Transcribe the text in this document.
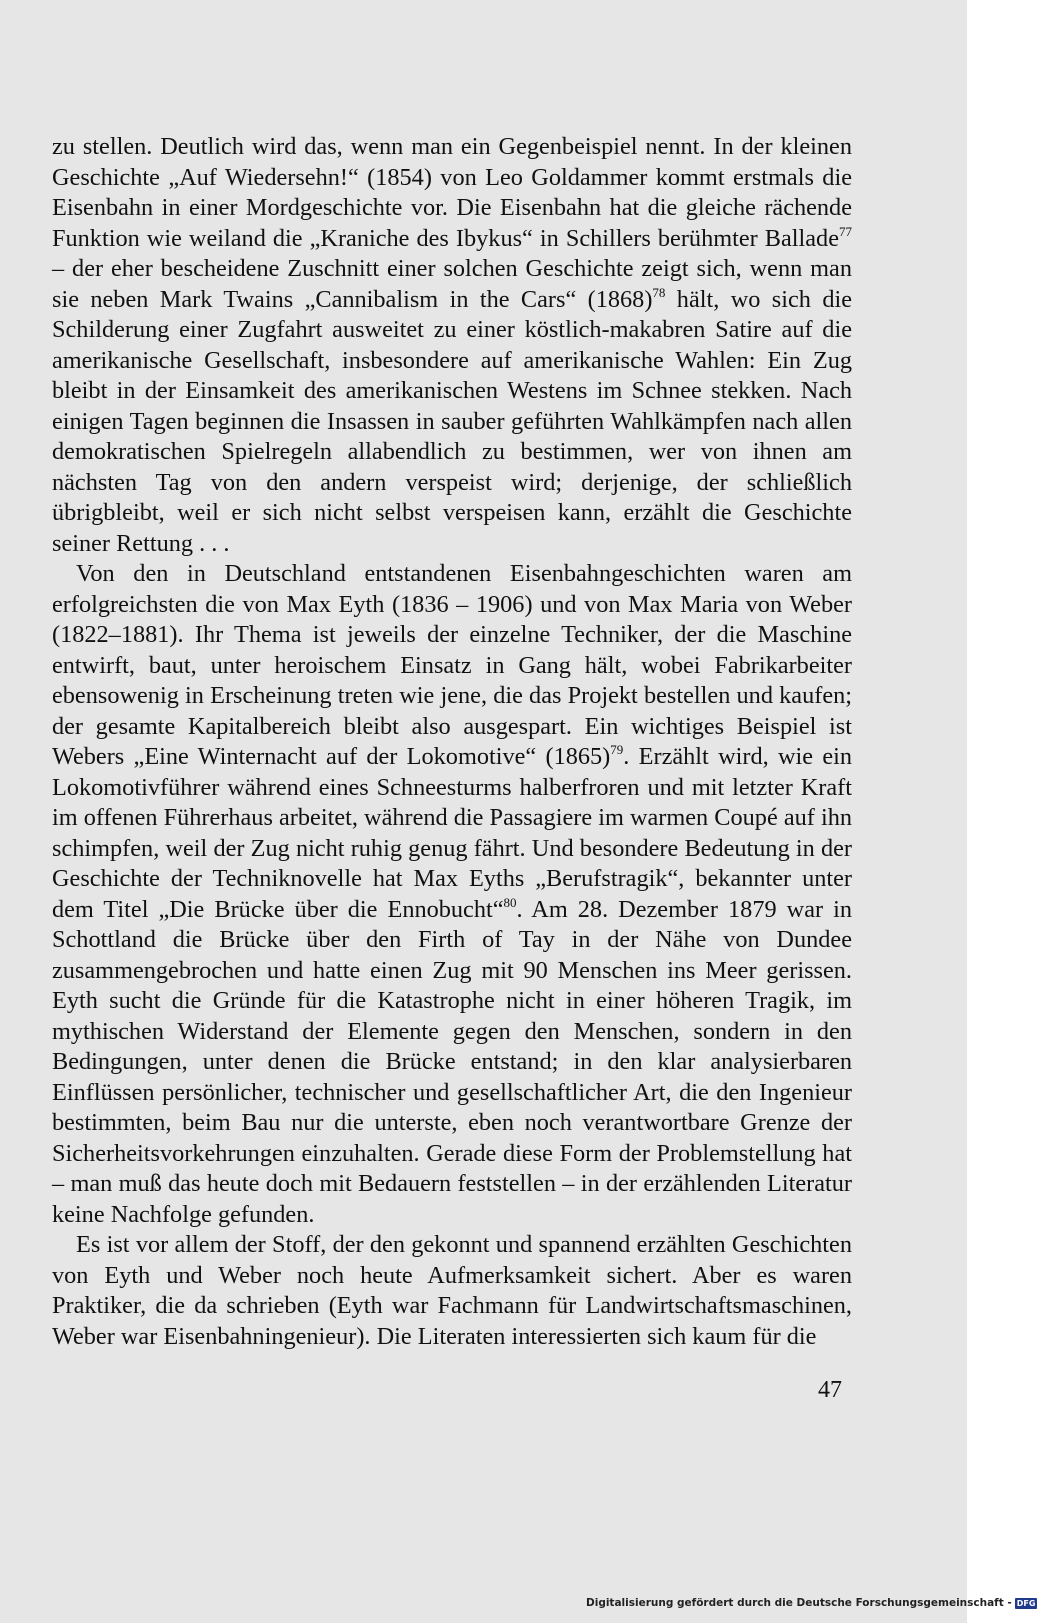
zu stellen. Deutlich wird das, wenn man ein Gegenbeispiel nennt. In der kleinen Geschichte „Auf Wiedersehn!“ (1854) von Leo Goldammer kommt erstmals die Eisenbahn in einer Mordgeschichte vor. Die Eisenbahn hat die gleiche rächende Funktion wie weiland die „Kraniche des Ibykus“ in Schillers berühmter Ballade$^{77}$ – der eher bescheidene Zuschnitt einer solchen Geschichte zeigt sich, wenn man sie neben Mark Twains „Cannibalism in the Cars“ $(1868)^{78}$ hält, wo sich die Schilderung einer Zugfahrt ausweitet zu einer köstlich-makabren Satire auf die amerikanische Gesellschaft, insbesondere auf amerikanische Wahlen: Ein Zug bleibt in der Einsamkeit des amerikanischen Westens im Schnee stekken. Nach einigen Tagen beginnen die Insassen in sauber geführten Wahlkämpfen nach allen demokratischen Spielregeln allabendlich zu bestimmen, wer von ihnen am nächsten Tag von den andern verspeist wird; derjenige, der schließlich übrigbleibt, weil er sich nicht selbst verspeisen kann, erzählt die Geschichte seiner Rettung . . .

Von den in Deutschland entstandenen Eisenbahngeschichten waren am erfolgreichsten die von Max Eyth (1836 – 1906) und von Max Maria von Weber (1822–1881). Ihr Thema ist jeweils der einzelne Techniker, der die Maschine entwirft, baut, unter heroischem Einsatz in Gang hält, wobei Fabrikarbeiter ebensowenig in Erscheinung treten wie jene, die das Projekt bestellen und kaufen; der gesamte Kapitalbereich bleibt also ausgespart. Ein wichtiges Beispiel ist Webers „Eine Winternacht auf der Lokomotive“ $(1865)^{79}$. Erzählt wird, wie ein Lokomotivführer während eines Schneesturms halberfroren und mit letzter Kraft im offenen Führerhaus arbeitet, während die Passagiere im warmen Coupé auf ihn schimpfen, weil der Zug nicht ruhig genug fährt. Und besondere Bedeutung in der Geschichte der Techniknovelle hat Max Eyths „Berufstragik“, bekannter unter dem Titel „Die Brücke über die Ennobucht“$^{80}$. Am 28. Dezember 1879 war in Schottland die Brücke über den Firth of Tay in der Nähe von Dundee zusammengebrochen und hatte einen Zug mit 90 Menschen ins Meer gerissen. Eyth sucht die Gründe für die Katastrophe nicht in einer höheren Tragik, im mythischen Widerstand der Elemente gegen den Menschen, sondern in den Bedingungen, unter denen die Brücke entstand; in den klar analysierbaren Einflüssen persönlicher, technischer und gesellschaftlicher Art, die den Ingenieur bestimmten, beim Bau nur die unterste, eben noch verantwortbare Grenze der Sicherheitsvorkehrungen einzuhalten. Gerade diese Form der Problemstellung hat – man muß das heute doch mit Bedauern feststellen – in der erzählenden Literatur keine Nachfolge gefunden.

Es ist vor allem der Stoff, der den gekonnt und spannend erzählten Geschichten von Eyth und Weber noch heute Aufmerksamkeit sichert. Aber es waren Praktiker, die da schrieben (Eyth war Fachmann für Landwirtschaftsmaschinen, Weber war Eisenbahningenieur). Die Literaten interessierten sich kaum für die

47
Digitalisierung gefördert durch die Deutsche Forschungsgemeinschaft - DFG
